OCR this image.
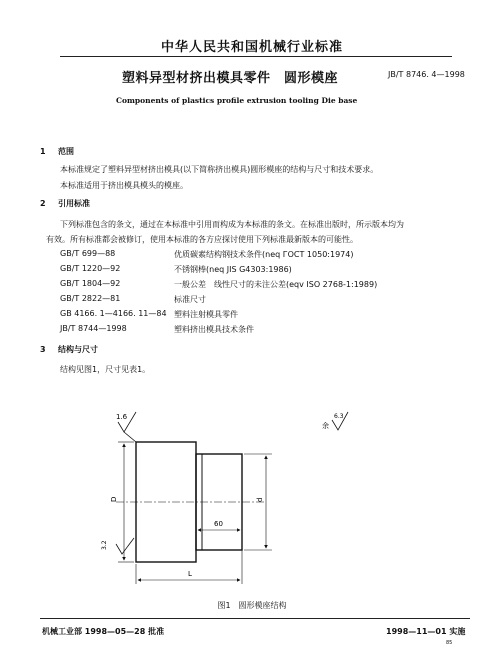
中华人民共和国机械行业标准
塑料异型材挤出模具零件　圆形模座	JB/T 8746. 4—1998
Components of plastics profile extrusion tooling Die base
1 范围
本标准规定了塑料异型材挤出模具(以下简称挤出模具)圆形模座的结构与尺寸和技术要求。
本标准适用于挤出模具模头的模座。
2 引用标准
下列标准包含的条文，通过在本标准中引用而构成为本标准的条文。在标准出版时，所示版本均为
有效。所有标准都会被修订，使用本标准的各方应探讨使用下列标准最新版本的可能性。
GB/T 699—88	优质碳素结构钢技术条件(neq ГОСТ 1050:1974)
GB/T 1220—92	不锈钢棒(neq JIS G4303:1986)
GB/T 1804—92	一般公差　线性尺寸的未注公差(eqv ISO 2768-1:1989)
GB/T 2822—81	标准尺寸
GB 4166. 1—4166. 11—84 塑料注射模具零件
JB/T 8744—1998	塑料挤出模具技术条件
3 结构与尺寸
结构见图1，尺寸见表1。
1.6
D	d
60
L
3.2
余
6.3
图1　圆形模座结构
机械工业部 1998—05—28 批准	1998—11—01 实施
85
